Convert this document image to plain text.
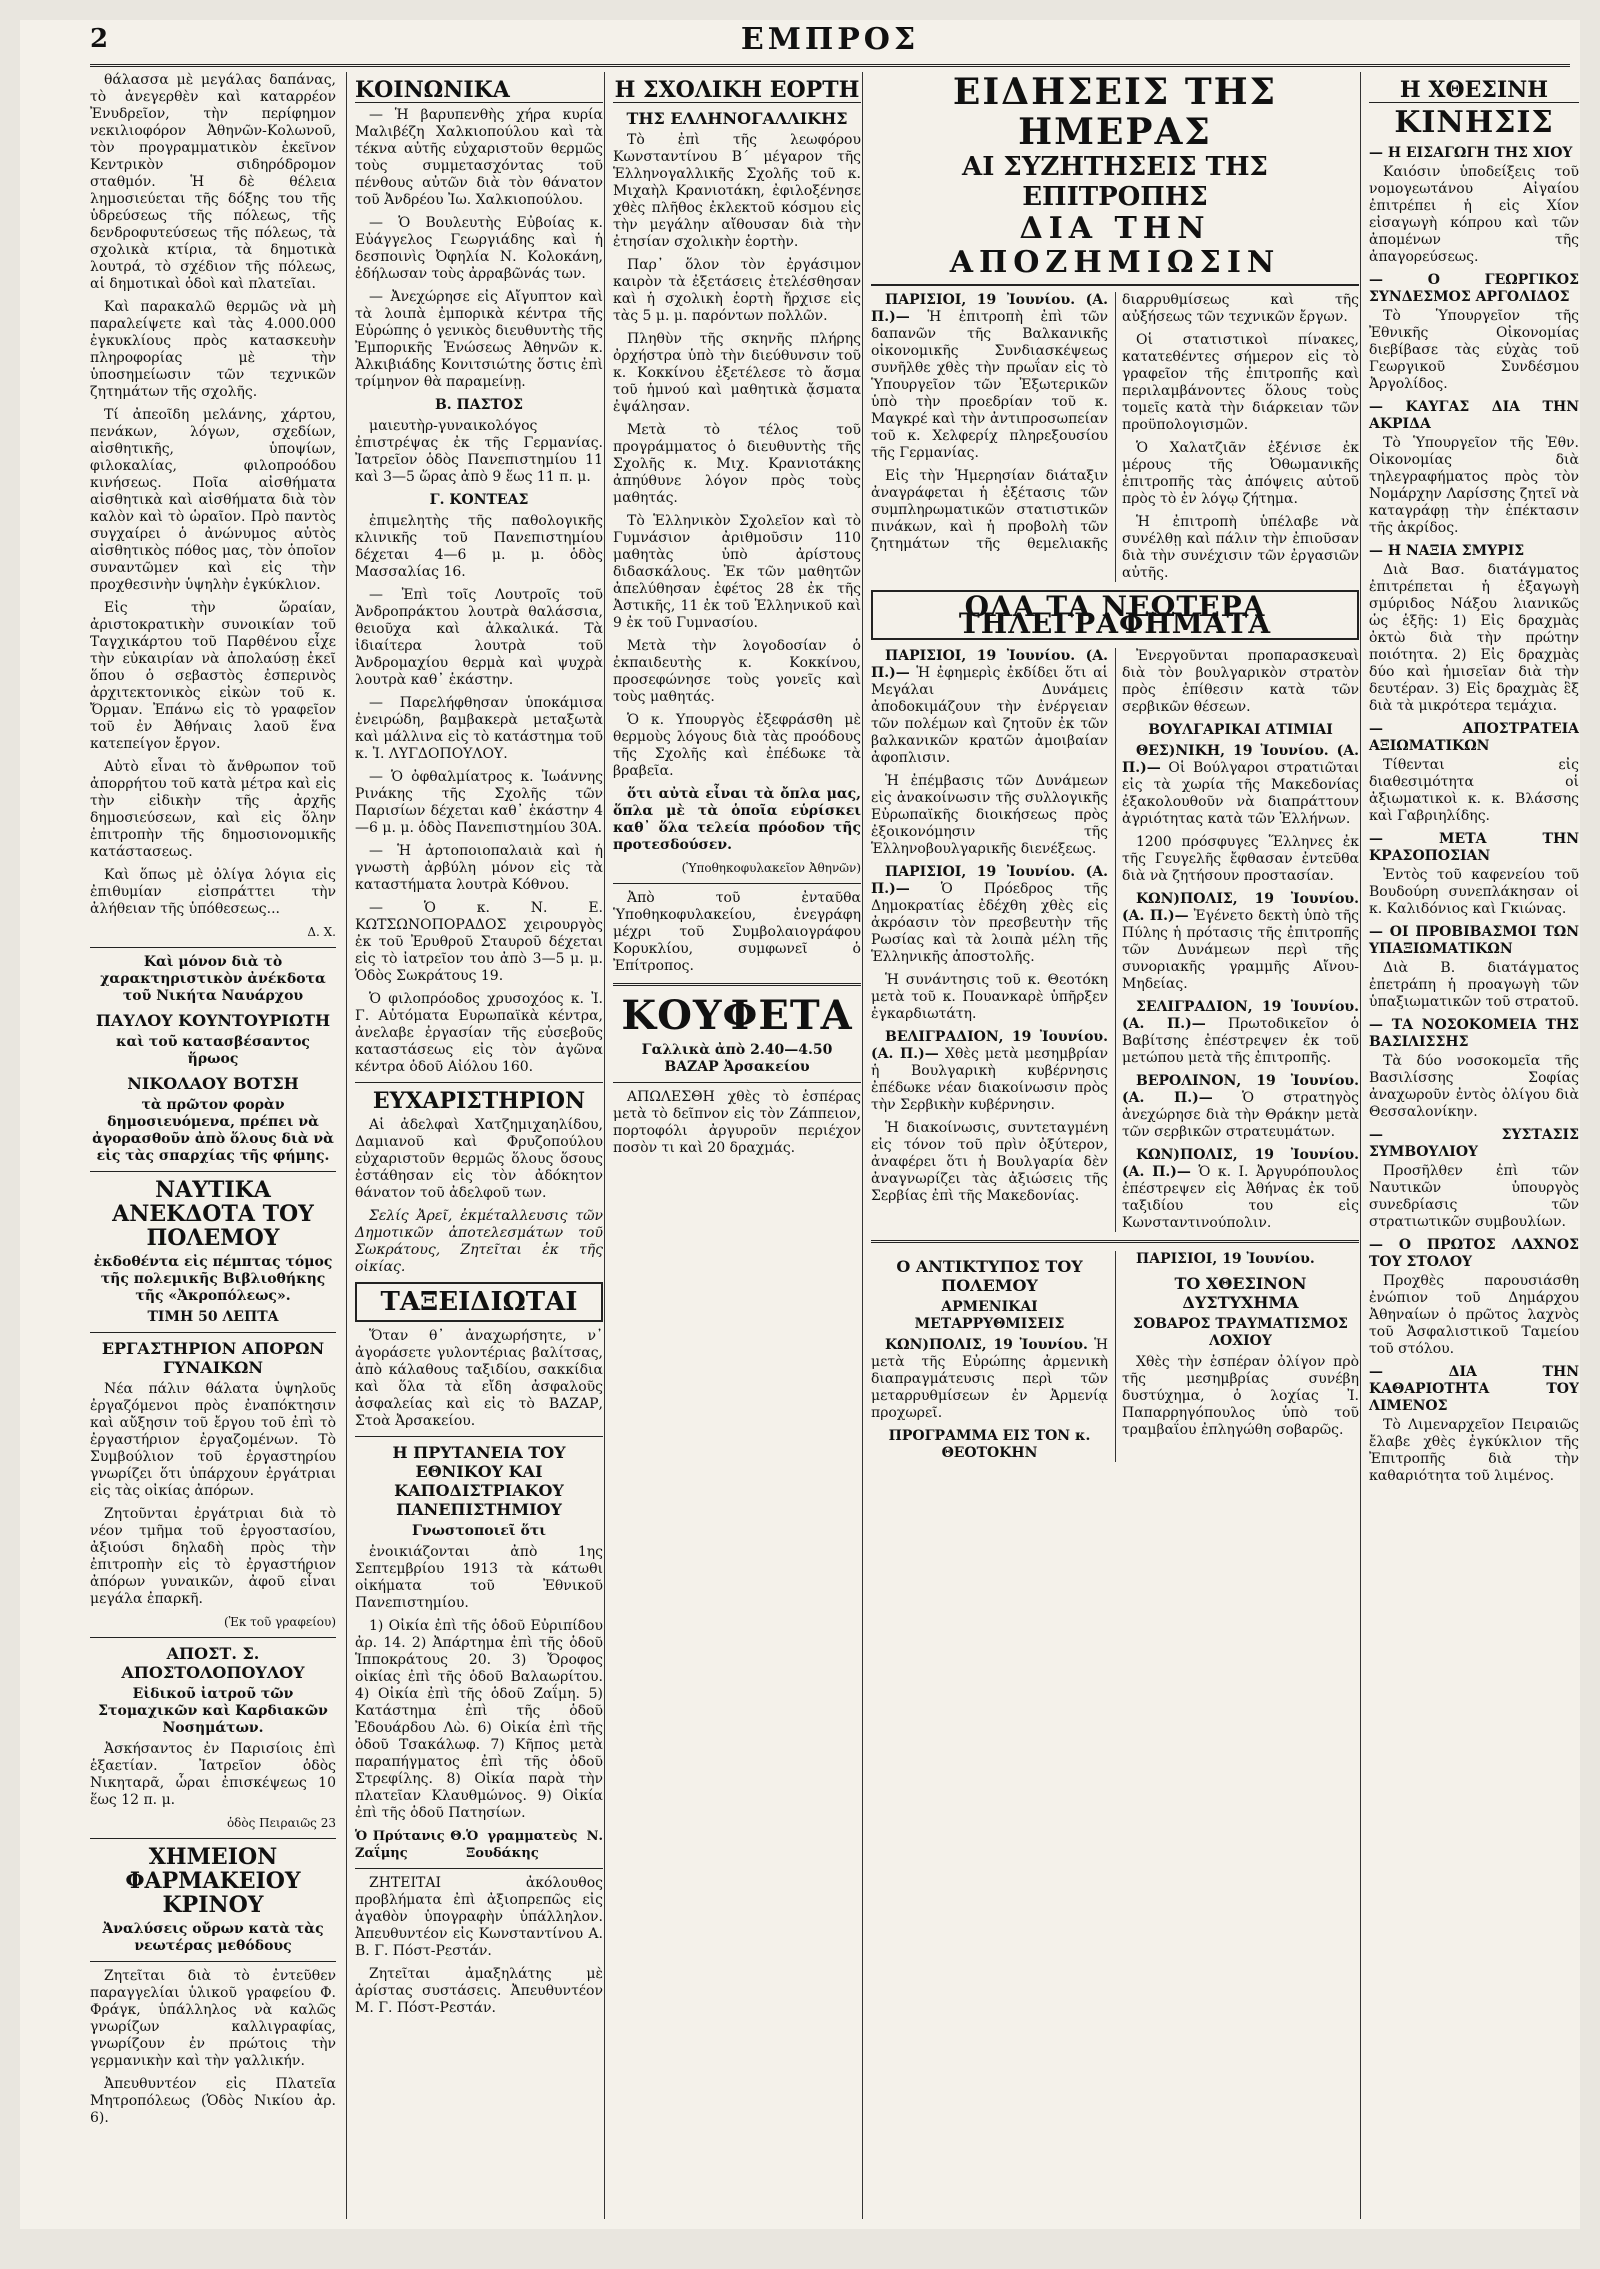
2	ΕΜΠΡΟΣ

θάλασσα μὲ μεγάλας δαπάνας, τὸ ἀνεγερθὲν καὶ καταρρέον Ἐνυδρεῖον, τὴν περίφημον νεκιλιοφόρον Ἀθηνῶν-Κολωνοῦ, τὸν προγραμματικὸν ἐκεῖνον Κεντρικὸν σιδηρόδρομον σταθμόν. Ἡ δὲ θέλεια λημοσιεύεται τῆς δόξης του τῆς ὑδρεύσεως τῆς πόλεως, τῆς δενδροφυτεύσεως τῆς πόλεως, τὰ σχολικὰ κτίρια, τὰ δημοτικὰ λουτρά, τὸ σχέδιον τῆς πόλεως, αἱ δημοτικαὶ ὁδοὶ καὶ πλατεῖαι.

Καὶ παρακαλῶ θερμῶς νὰ μὴ παραλείψετε καὶ τὰς 4.000.000 ἐγκυκλίους πρὸς κατασκευὴν πληροφορίας μὲ τὴν ὑποσημείωσιν τῶν τεχνικῶν ζητημάτων τῆς σχολῆς.

Τί ἀπεοῖδη μελάνης, χάρτου, πενάκων, λόγων, σχεδίων, αἰσθητικῆς, ὑποψίων, φιλοκαλίας, φιλοπροόδου κινήσεως. Ποῖα αἰσθήματα αἰσθητικὰ καὶ αἰσθήματα διὰ τὸν καλὸν καὶ τὸ ὡραῖον. Πρὸ παντὸς συγχαίρει ὁ ἀνώνυμος αὐτὸς αἰσθητικὸς πόθος μας, τὸν ὁποῖον συναντῶμεν καὶ εἰς τὴν προχθεσινὴν ὑψηλὴν ἐγκύκλιον.

Εἰς τὴν ὥραίαν, ἀριστοκρατικὴν συνοικίαν τοῦ Ταγχικάρτου τοῦ Παρθένου εἶχε τὴν εὐκαιρίαν νὰ ἀπολαύσῃ ἐκεῖ ὅπου ὁ σεβαστὸς ἐσπερινὸς ἀρχιτεκτονικὸς εἰκὼν τοῦ κ. Ὄρμαν. Ἐπάνω εἰς τὸ γραφεῖον τοῦ ἐν Ἀθήναις λαοῦ ἕνα κατεπείγον ἔργον.

Αὐτὸ εἶναι τὸ ἄνθρωπον τοῦ ἀπορρήτου τοῦ κατὰ μέτρα καὶ εἰς τὴν εἰδικὴν τῆς ἀρχῆς δημοσιεύσεων, καὶ εἰς ὅλην ἐπιτροπὴν τῆς δημοσιονομικῆς κατάστασεως.

Καὶ ὅπως μὲ ὀλίγα λόγια εἰς ἐπιθυμίαν εἰσπράττει τὴν ἀλήθειαν τῆς ὑπόθεσεως...

Δ. Χ.
Καὶ μόνον διὰ τὸ χαρακτηριστικὸν ἀνέκδοτα τοῦ Νικήτα Ναυάρχου
ΠΑΥΛΟΥ ΚΟΥΝΤΟΥΡΙΩΤΗ
καὶ τοῦ κατασβέσαντος ἥρωος
ΝΙΚΟΛΑΟΥ ΒΟΤΣΗ
τὰ πρῶτον φορὰν δημοσιευόμενα, πρέπει νὰ ἀγορασθοῦν ἀπὸ ὅλους διὰ νὰ εἰς τὰς σπαρχίας τῆς φήμης.
ΝΑΥΤΙΚΑ ΑΝΕΚΔΟΤΑ ΤΟΥ ΠΟΛΕΜΟΥ
ἐκδοθέντα εἰς πέμπτας τόμος τῆς πολεμικῆς Βιβλιοθήκης τῆς «Ἀκροπόλεως».
ΤΙΜΗ 50 ΛΕΠΤΑ
ΕΡΓΑΣΤΗΡΙΟΝ ΑΠΟΡΩΝ ΓΥΝΑΙΚΩΝ

Νέα πάλιν θάλατα ὑψηλοῦς ἐργαζόμενοι πρὸς ἐναπόκτησιν καὶ αὔξησιν τοῦ ἔργου τοῦ ἐπὶ τὸ ἐργαστήριον ἐργαζομένων. Τὸ Συμβούλιον τοῦ ἐργαστηρίου γνωρίζει ὅτι ὑπάρχουν ἐργάτριαι εἰς τὰς οἰκίας ἀπόρων.

Ζητοῦνται ἐργάτριαι διὰ τὸ νέον τμῆμα τοῦ ἐργοστασίου, ἀξιούσι δηλαδὴ πρὸς τὴν ἐπιτροπὴν εἰς τὸ ἐργαστήριον ἀπόρων γυναικῶν, ἀφοῦ εἶναι μεγάλα ἐπαρκῆ.

(Ἐκ τοῦ γραφείου)
ΑΠΟΣΤ. Σ. ΑΠΟΣΤΟΛΟΠΟΥΛΟΥ
Εἰδικοῦ ἰατροῦ τῶν Στομαχικῶν καὶ Καρδιακῶν Νοσημάτων.

Ἀσκήσαντος ἐν Παρισίοις ἐπὶ ἑξαετίαν. Ἰατρεῖον ὁδὸς Νικηταρᾶ, ὧραι ἐπισκέψεως 10 ἕως 12 π. μ.

ὁδὸς Πειραιῶς 23
ΧΗΜΕΙΟΝ ΦΑΡΜΑΚΕΙΟΥ ΚΡΙΝΟΥ
Ἀναλύσεις οὔρων κατὰ τὰς νεωτέρας μεθόδους

Ζητεῖται διὰ τὸ ἐντεῦθεν παραγγελίαι ὑλικοῦ γραφείου Φ. Φράγκ, ὑπάλληλος νὰ καλῶς γνωρίζων καλλιγραφίας, γνωρίζουν ἐν πρώτοις τὴν γερμανικὴν καὶ τὴν γαλλικήν.

Ἀπευθυντέον εἰς Πλατεῖα Μητροπόλεως (Ὁδὸς Νικίου ἀρ. 6).

ΚΟΙΝΩΝΙΚΑ

— Ἡ βαρυπενθὴς χήρα κυρία Μαλιβέζη Χαλκιοπούλου καὶ τὰ τέκνα αὐτῆς εὐχαριστοῦν θερμῶς τοὺς συμμετασχόντας τοῦ πένθους αὐτῶν διὰ τὸν θάνατον τοῦ Ἀνδρέου Ἰω. Χαλκιοπούλου.

— Ὁ Βουλευτὴς Εὐβοίας κ. Εὐάγγελος Γεωργιάδης καὶ ἡ δεσποινὶς Ὀφηλία Ν. Κολοκάνη, ἐδήλωσαν τοὺς ἀρραβῶνάς των.

— Ἀνεχώρησε εἰς Αἴγυπτον καὶ τὰ λοιπὰ ἐμπορικὰ κέντρα τῆς Εὐρώπης ὁ γενικὸς διευθυντὴς τῆς Ἐμπορικῆς Ἑνώσεως Ἀθηνῶν κ. Ἀλκιβιάδης Κονιτσιώτης ὅστις ἐπὶ τρίμηνον θὰ παραμείνῃ.

Β. ΠΑΣΤΟΣ

μαιευτὴρ-γυναικολόγος ἐπιστρέψας ἐκ τῆς Γερμανίας. Ἰατρεῖον ὁδὸς Πανεπιστημίου 11 καὶ 3—5 ὥρας ἀπὸ 9 ἕως 11 π. μ.

Γ. ΚΟΝΤΕΑΣ

ἐπιμελητὴς τῆς παθολογικῆς κλινικῆς τοῦ Πανεπιστημίου δέχεται 4—6 μ. μ. ὁδὸς Μασσαλίας 16.

— Ἐπὶ τοῖς Λουτροῖς τοῦ Ἀνδροπράκτου λουτρὰ θαλάσσια, θειοῦχα καὶ ἀλκαλικά. Τὰ ἰδιαίτερα λουτρὰ τοῦ Ἀνδρομαχίου θερμὰ καὶ ψυχρὰ λουτρὰ καθ᾽ ἑκάστην.

— Παρελήφθησαν ὑποκάμισα ἐνειρώδη, βαμβακερὰ μεταξωτὰ καὶ μάλλινα εἰς τὸ κατάστημα τοῦ κ. Ἰ. ΛΥΓΔΟΠΟΥΛΟΥ.

— Ὁ ὀφθαλμίατρος κ. Ἰωάννης Ρινάκης τῆς Σχολῆς τῶν Παρισίων δέχεται καθ᾽ ἑκάστην 4—6 μ. μ. ὁδὸς Πανεπιστημίου 30Α.

— Ἡ ἀρτοποιοπαλαιὰ καὶ ἡ γνωστὴ ἀρβύλη μόνον εἰς τὰ καταστήματα λουτρὰ Κόθνου.

— Ὁ κ. Ν. Ε. ΚΩΤΣΩΝΟΠΟΡΑΔΟΣ χειρουργὸς ἐκ τοῦ Ἐρυθροῦ Σταυροῦ δέχεται εἰς τὸ ἰατρεῖον του ἀπὸ 3—5 μ. μ. Ὁδὸς Σωκράτους 19.

Ὁ φιλοπρόοδος χρυσοχόος κ. Ἰ. Γ. Αὐτόματα Ευρωπαϊκὰ κέντρα, ἀνελαβε ἐργασίαν τῆς εὐσεβοῦς καταστάσεως εἰς τὸν ἀγῶνα κέντρα ὁδοῦ Αἰόλου 160.

ΕΥΧΑΡΙΣΤΗΡΙΟΝ

Αἱ ἀδελφαὶ Χατζημιχαηλίδου, Δαμιανοῦ καὶ Φρυζοπούλου εὐχαριστοῦν θερμῶς ὅλους ὅσους ἐστάθησαν εἰς τὸν ἀδόκητον θάνατον τοῦ ἀδελφοῦ των.

Σελίς Ἀρεῖ, ἐκμέταλλευσις τῶν Δημοτικῶν ἀποτελεσμάτων τοῦ Σωκράτους, Ζητεῖται ἐκ τῆς οἰκίας.

ΤΑΞΕΙΔΙΩΤΑΙ

Ὅταν θ᾽ ἀναχωρήσητε, ν᾽ ἀγοράσετε γυλοντέριας βαλίτσας, ἀπὸ κάλαθους ταξιδίου, σακκίδια καὶ ὅλα τὰ εἴδη ἀσφαλοῦς ἀσφαλείας καὶ εἰς τὸ ΒΑΖΑΡ, Στοὰ Ἀρσακείου.

Η ΠΡΥΤΑΝΕΙΑ ΤΟΥ ΕΘΝΙΚΟΥ ΚΑΙ ΚΑΠΟΔΙΣΤΡΙΑΚΟΥ ΠΑΝΕΠΙΣΤΗΜΙΟΥ
Γνωστοποιεῖ ὅτι

ἐνοικιάζονται ἀπὸ 1ης Σεπτεμβρίου 1913 τὰ κάτωθι οἰκήματα τοῦ Ἐθνικοῦ Πανεπιστημίου.

1) Οἰκία ἐπὶ τῆς ὁδοῦ Εὐριπίδου ἀρ. 14. 2) Ἀπάρτημα ἐπὶ τῆς ὁδοῦ Ἱπποκράτους 20. 3) Ὄροφος οἰκίας ἐπὶ τῆς ὁδοῦ Βαλαωρίτου. 4) Οἰκία ἐπὶ τῆς ὁδοῦ Ζαΐμη. 5) Κατάστημα ἐπὶ τῆς ὁδοῦ Ἐδουάρδου Λὼ. 6) Οἰκία ἐπὶ τῆς ὁδοῦ Τσακάλωφ. 7) Κῆπος μετὰ παραπήγματος ἐπὶ τῆς ὁδοῦ Στρεφίλης. 8) Οἰκία παρὰ τὴν πλατεῖαν Κλαυθμώνος. 9) Οἰκία ἐπὶ τῆς ὁδοῦ Πατησίων.

Ὁ Πρύτανις Θ. Ζαΐμης
Ὁ γραμματεὺς Ν. Ξουδάκης

ΖΗΤΕΙΤΑΙ ἀκόλουθος προβλήματα ἐπὶ ἀξιοπρεπῶς εἰς ἀγαθὸν ὑπογραφὴν ὑπάλληλον. Ἀπευθυντέον εἰς Κωνσταντίνου Α. Β. Γ. Πόστ-Ρεστάν.

Ζητεῖται ἀμαξηλάτης μὲ ἀρίστας συστάσεις. Ἀπευθυντέον Μ. Γ. Πόστ-Ρεστάν.

Η ΣΧΟΛΙΚΗ ΕΟΡΤΗ
ΤΗΣ ΕΛΛΗΝΟΓΑΛΛΙΚΗΣ

Τὸ ἐπὶ τῆς λεωφόρου Κωνσταντίνου Β΄ μέγαρον τῆς Ἑλληνογαλλικῆς Σχολῆς τοῦ κ. Μιχαὴλ Κρανιοτάκη, ἐφιλοξένησε χθὲς πλῆθος ἐκλεκτοῦ κόσμου εἰς τὴν μεγάλην αἴθουσαν διὰ τὴν ἐτησίαν σχολικὴν ἑορτὴν.

Παρ᾽ ὅλον τὸν ἐργάσιμον καιρὸν τὰ ἐξετάσεις ἐτελέσθησαν καὶ ἡ σχολικὴ ἑορτὴ ἤρχισε εἰς τὰς 5 μ. μ. παρόντων πολλῶν.

Πληθὺν τῆς σκηνῆς πλήρης ὀρχήστρα ὑπὸ τὴν διεύθυνσιν τοῦ κ. Κοκκίνου ἐξετέλεσε τὸ ἄσμα τοῦ ἡμνού καὶ μαθητικὰ ᾄσματα ἐψάλησαν.

Μετὰ τὸ τέλος τοῦ προγράμματος ὁ διευθυντὴς τῆς Σχολῆς κ. Μιχ. Κρανιοτάκης ἀπηύθυνε λόγον πρὸς τοὺς μαθητάς.

Τὸ Ἑλληνικὸν Σχολεῖον καὶ τὸ Γυμνάσιον ἀριθμοῦσιν 110 μαθητὰς ὑπὸ ἀρίστους διδασκάλους. Ἐκ τῶν μαθητῶν ἀπελύθησαν ἐφέτος 28 ἐκ τῆς Ἀστικῆς, 11 ἐκ τοῦ Ἑλληνικοῦ καὶ 9 ἐκ τοῦ Γυμνασίου.

Μετὰ τὴν λογοδοσίαν ὁ ἐκπαιδευτὴς κ. Κοκκίνου, προσεφώνησε τοὺς γονεῖς καὶ τοὺς μαθητάς.

Ὁ κ. Υπουργὸς ἐξεφράσθη μὲ θερμοὺς λόγους διὰ τὰς προόδους τῆς Σχολῆς καὶ ἐπέδωκε τὰ βραβεῖα.

ὅτι αὐτὰ εἶναι τὰ ὄπλα μας, ὅπλα μὲ τὰ ὁποῖα εὑρίσκει καθ᾽ ὅλα τελεία πρόοδον τῆς προτεσδούσεν.

(Ὑποθηκοφυλακεῖον Ἀθηνῶν)

Ἀπὸ τοῦ ἐνταῦθα Ὑποθηκοφυλακείου, ἐνεγράφη μέχρι τοῦ Συμβολαιογράφου Κορυκλίου, συμφωνεῖ ὁ Ἐπίτροπος.

ΚΟΥΦΕΤΑ
Γαλλικὰ ἀπὸ 2.40—4.50 ΒΑΖΑΡ Ἀρσακείου

ΑΠΩΛΕΣΘΗ χθὲς τὸ ἑσπέρας μετὰ τὸ δεῖπνον εἰς τὸν Ζάππειον, πορτοφόλι ἀργυροῦν περιέχον ποσὸν τι καὶ 20 δραχμάς.

ΕΙΔΗΣΕΙΣ ΤΗΣ ΗΜΕΡΑΣ
ΑΙ ΣΥΖΗΤΗΣΕΙΣ ΤΗΣ ΕΠΙΤΡΟΠΗΣ
ΔΙΑ ΤΗΝ ΑΠΟΖΗΜΙΩΣΙΝ

ΠΑΡΙΣΙΟΙ, 19 Ἰουνίου. (Α. Π.)— Ἡ ἐπιτροπὴ ἐπὶ τῶν δαπανῶν τῆς Βαλκανικῆς οἰκονομικῆς Συνδιασκέψεως συνῆλθε χθὲς τὴν πρωΐαν εἰς τὸ Ὑπουργεῖον τῶν Ἐξωτερικῶν ὑπὸ τὴν προεδρίαν τοῦ κ. Μαγκρέ καὶ τὴν ἀντιπροσωπείαν τοῦ κ. Χελφερίχ πληρεξουσίου τῆς Γερμανίας.

Εἰς τὴν Ἡμερησίαν διάταξιν ἀναγράφεται ἡ ἐξέτασις τῶν συμπληρωματικῶν στατιστικῶν πινάκων, καὶ ἡ προβολὴ τῶν ζητημάτων τῆς θεμελιακῆς διαρρυθμίσεως καὶ τῆς αὐξήσεως τῶν τεχνικῶν ἔργων.

Οἱ στατιστικοὶ πίνακες, κατατεθέντες σήμερον εἰς τὸ γραφεῖον τῆς ἐπιτροπῆς καὶ περιλαμβάνοντες ὅλους τοὺς τομεῖς κατὰ τὴν διάρκειαν τῶν προϋπολογισμῶν.

Ὁ Χαλατζιᾶν ἐξένισε ἐκ μέρους τῆς Ὀθωμανικῆς ἐπιτροπῆς τὰς ἀπόψεις αὐτοῦ πρὸς τὸ ἐν λόγῳ ζήτημα.

Ἡ ἐπιτροπὴ ὑπέλαβε νὰ συνέλθῃ καὶ πάλιν τὴν ἐπιοῦσαν διὰ τὴν συνέχισιν τῶν ἐργασιῶν αὐτῆς.

ΟΛΑ ΤΑ ΝΕΩΤΕΡΑ ΤΗΛΕΓΡΑΦΗΜΑΤΑ

ΠΑΡΙΣΙΟΙ, 19 Ἰουνίου. (Α. Π.)— Ἡ ἐφημερὶς ἐκδίδει ὅτι αἱ Μεγάλαι Δυνάμεις ἀποδοκιμάζουν τὴν ἐνέργειαν τῶν πολέμων καὶ ζητοῦν ἐκ τῶν βαλκανικῶν κρατῶν ἀμοιβαίαν ἀφοπλισιν.

Ἡ ἐπέμβασις τῶν Δυνάμεων εἰς ἀνακοίνωσιν τῆς συλλογικῆς Εὐρωπαϊκῆς διοικήσεως πρὸς ἐξοικονόμησιν τῆς Ἑλληνοβουλγαρικῆς διενέξεως.

ΠΑΡΙΣΙΟΙ, 19 Ἰουνίου. (Α. Π.)— Ὁ Πρόεδρος τῆς Δημοκρατίας ἐδέχθη χθὲς εἰς ἀκρόασιν τὸν πρεσβευτὴν τῆς Ρωσίας καὶ τὰ λοιπὰ μέλη τῆς Ἑλληνικῆς ἀποστολῆς.

Ἡ συνάντησις τοῦ κ. Θεοτόκη μετὰ τοῦ κ. Πουανκαρὲ ὑπῆρξεν ἐγκαρδιωτάτη.

ΒΕΛΙΓΡΑΔΙΟΝ, 19 Ἰουνίου. (Α. Π.)— Χθὲς μετὰ μεσημβρίαν ἡ Βουλγαρικὴ κυβέρνησις ἐπέδωκε νέαν διακοίνωσιν πρὸς τὴν Σερβικὴν κυβέρνησιν.

Ἡ διακοίνωσις, συντεταγμένη εἰς τόνον τοῦ πρὶν ὀξύτερον, ἀναφέρει ὅτι ἡ Βουλγαρία δὲν ἀναγνωρίζει τὰς ἀξιώσεις τῆς Σερβίας ἐπὶ τῆς Μακεδονίας.

Ἐνεργοῦνται προπαρασκευαὶ διὰ τὸν βουλγαρικὸν στρατὸν πρὸς ἐπίθεσιν κατὰ τῶν σερβικῶν θέσεων.

ΒΟΥΛΓΑΡΙΚΑΙ ΑΤΙΜΙΑΙ

ΘΕΣ)ΝΙΚΗ, 19 Ἰουνίου. (Α. Π.)— Οἱ Βούλγαροι στρατιῶται εἰς τὰ χωρία τῆς Μακεδονίας ἐξακολουθοῦν νὰ διαπράττουν ἀγριότητας κατὰ τῶν Ἑλλήνων.

1200 πρόσφυγες Ἕλληνες ἐκ τῆς Γευγελῆς ἔφθασαν ἐντεῦθα διὰ νὰ ζητήσουν προστασίαν.

ΚΩΝ)ΠΟΛΙΣ, 19 Ἰουνίου. (Α. Π.)— Ἐγένετο δεκτὴ ὑπὸ τῆς Πύλης ἡ πρότασις τῆς ἐπιτροπῆς τῶν Δυνάμεων περὶ τῆς συνοριακῆς γραμμῆς Αἴνου-Μηδείας.

ΣΕΛΙΓΡΑΔΙΟΝ, 19 Ἰουνίου. (Α. Π.)— Πρωτοδικεῖον ὁ Βαβίτσης ἐπέστρεψεν ἐκ τοῦ μετώπου μετὰ τῆς ἐπιτροπῆς.

ΒΕΡΟΛΙΝΟΝ, 19 Ἰουνίου. (Α. Π.)— Ὁ στρατηγὸς ἀνεχώρησε διὰ τὴν Θράκην μετὰ τῶν σερβικῶν στρατευμάτων.

ΚΩΝ)ΠΟΛΙΣ, 19 Ἰουνίου. (Α. Π.)— Ὁ κ. Ι. Ἀργυρόπουλος ἐπέστρεψεν εἰς Ἀθήνας ἐκ τοῦ ταξιδίου του εἰς Κωνσταντινούπολιν.

Ο ΑΝΤΙΚΤΥΠΟΣ ΤΟΥ ΠΟΛΕΜΟΥ
ΑΡΜΕΝΙΚΑΙ ΜΕΤΑΡΡΥΘΜΙΣΕΙΣ

ΚΩΝ)ΠΟΛΙΣ, 19 Ἰουνίου. Ἡ μετὰ τῆς Εὐρώπης ἀρμενικὴ διαπραγμάτευσις περὶ τῶν μεταρρυθμίσεων ἐν Ἀρμενίᾳ προχωρεῖ.

ΠΡΟΓΡΑΜΜΑ ΕΙΣ ΤΟΝ κ. ΘΕΟΤΟΚΗΝ

ΠΑΡΙΣΙΟΙ, 19 Ἰουνίου.

ΤΟ ΧΘΕΣΙΝΟΝ ΔΥΣΤΥΧΗΜΑ
ΣΟΒΑΡΟΣ ΤΡΑΥΜΑΤΙΣΜΟΣ ΛΟΧΙΟΥ

Χθὲς τὴν ἑσπέραν ὀλίγον πρὸ τῆς μεσημβρίας συνέβη δυστύχημα, ὁ λοχίας Ἰ. Παπαρρηγόπουλος ὑπὸ τοῦ τραμβαΐου ἐπληγώθη σοβαρῶς.

Η ΧΘΕΣΙΝΗ
ΚΙΝΗΣΙΣ
— Η ΕΙΣΑΓΩΓΗ ΤΗΣ ΧΙΟΥ

Καιόσιν ὑποδείξεις τοῦ νομογεωτάνου Αἰγαίου ἐπιτρέπει ἡ εἰς Χίον εἰσαγωγὴ κόπρου καὶ τῶν ἀπομένων τῆς ἀπαγορεύσεως.

— Ο ΓΕΩΡΓΙΚΟΣ ΣΥΝΔΕΣΜΟΣ ΑΡΓΟΛΙΔΟΣ

Τὸ Ὑπουργεῖον τῆς Ἐθνικῆς Οἰκονομίας διεβίβασε τὰς εὐχὰς τοῦ Γεωργικοῦ Συνδέσμου Ἀργολίδος.

— ΚΑΥΓΑΣ ΔΙΑ ΤΗΝ ΑΚΡΙΔΑ

Τὸ Ὑπουργεῖον τῆς Ἐθν. Οἰκονομίας διὰ τηλεγραφήματος πρὸς τὸν Νομάρχην Λαρίσσης ζητεῖ νὰ καταγράφῃ τὴν ἐπέκτασιν τῆς ἀκρίδος.

— Η ΝΑΞΙΑ ΣΜΥΡΙΣ

Διὰ Βασ. διατάγματος ἐπιτρέπεται ἡ ἐξαγωγὴ σμύριδος Νάξου λιανικῶς ὡς ἑξῆς: 1) Εἰς δραχμὰς ὀκτὼ διὰ τὴν πρώτην ποιότητα. 2) Εἰς δραχμὰς δύο καὶ ἡμισεῖαν διὰ τὴν δευτέραν. 3) Εἰς δραχμὰς ἓξ διὰ τὰ μικρότερα τεμάχια.

— ΑΠΟΣΤΡΑΤΕΙΑ ΑΞΙΩΜΑΤΙΚΩΝ

Τίθενται εἰς διαθεσιμότητα οἱ ἀξιωματικοὶ κ. κ. Βλάσσης καὶ Γαβριηλίδης.

— ΜΕΤΑ ΤΗΝ ΚΡΑΣΟΠΟΣΙΑΝ

Ἐντὸς τοῦ καφενείου τοῦ Βουδούρη συνεπλάκησαν οἱ κ. Καλιδόνιος καὶ Γκιώνας.

— ΟΙ ΠΡΟΒΙΒΑΣΜΟΙ ΤΩΝ ΥΠΑΞΙΩΜΑΤΙΚΩΝ

Διὰ Β. διατάγματος ἐπετράπη ἡ προαγωγὴ τῶν ὑπαξιωματικῶν τοῦ στρατοῦ.

— ΤΑ ΝΟΣΟΚΟΜΕΙΑ ΤΗΣ ΒΑΣΙΛΙΣΣΗΣ

Τὰ δύο νοσοκομεῖα τῆς Βασιλίσσης Σοφίας ἀναχωροῦν ἐντὸς ὀλίγου διὰ Θεσσαλονίκην.

— ΣΥΣΤΑΣΙΣ ΣΥΜΒΟΥΛΙΟΥ

Προσῆλθεν ἐπὶ τῶν Ναυτικῶν ὑπουργὸς συνεδρίασις τῶν στρατιωτικῶν συμβουλίων.

— Ο ΠΡΩΤΟΣ ΛΑΧΝΟΣ ΤΟΥ ΣΤΟΛΟΥ

Προχθὲς παρουσιάσθη ἐνώπιον τοῦ Δημάρχου Ἀθηναίων ὁ πρῶτος λαχνὸς τοῦ Ἀσφαλιστικοῦ Ταμείου τοῦ στόλου.

— ΔΙΑ ΤΗΝ ΚΑΘΑΡΙΟΤΗΤΑ ΤΟΥ ΛΙΜΕΝΟΣ

Τὸ Λιμεναρχεῖον Πειραιῶς ἔλαβε χθὲς ἐγκύκλιον τῆς Ἐπιτροπῆς διὰ τὴν καθαριότητα τοῦ λιμένος.
